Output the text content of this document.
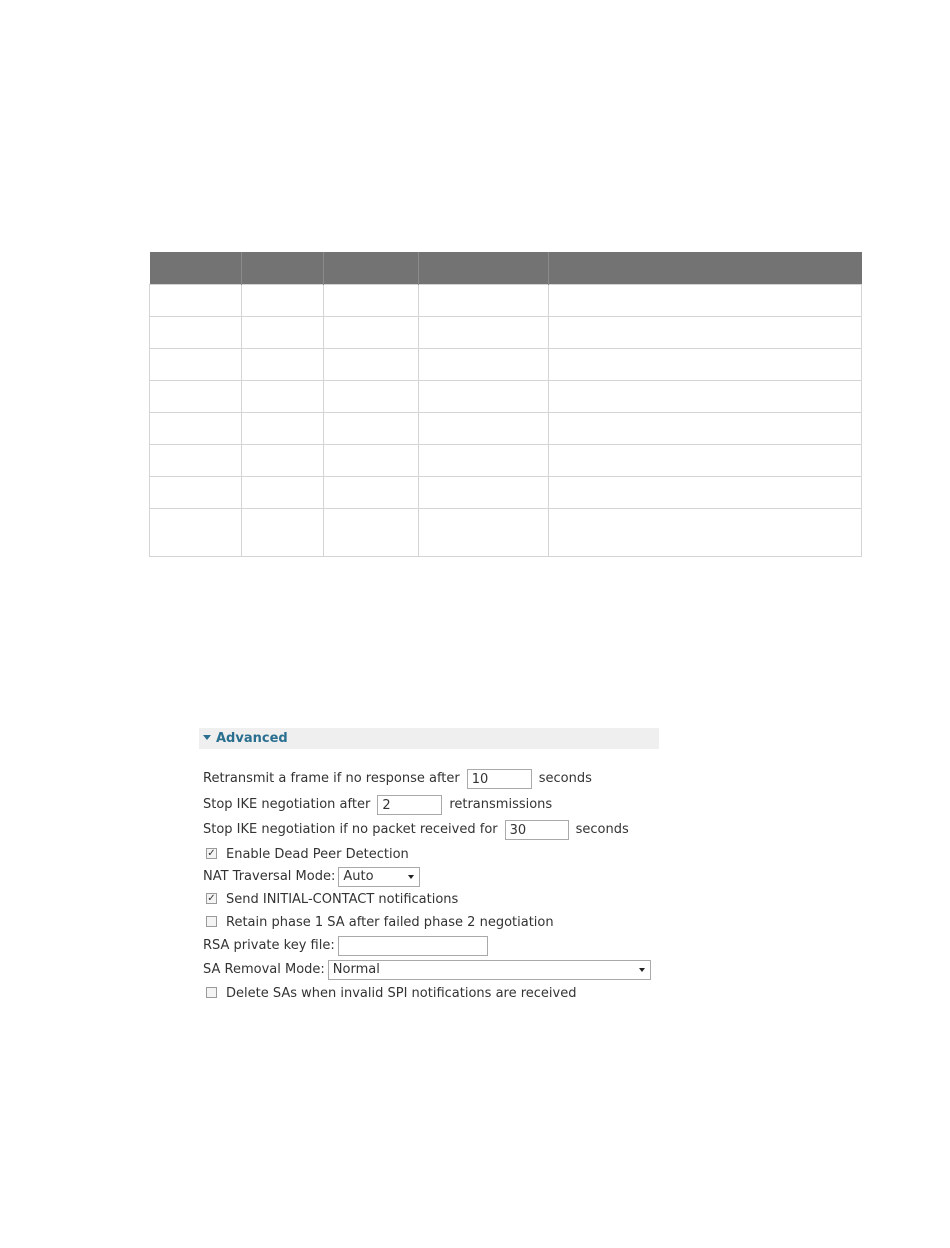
Advanced
Retransmit a frame if no response after 10	seconds
Stop IKE negotiation after 2	retransmissions
Stop IKE negotiation if no packet received for 30	seconds
✓ Enable Dead Peer Detection
NAT Traversal Mode: Auto
✓ Send INITIAL-CONTACT notifications
Retain phase 1 SA after failed phase 2 negotiation
RSA private key file:
SA Removal Mode: Normal
Delete SAs when invalid SPI notifications are received
